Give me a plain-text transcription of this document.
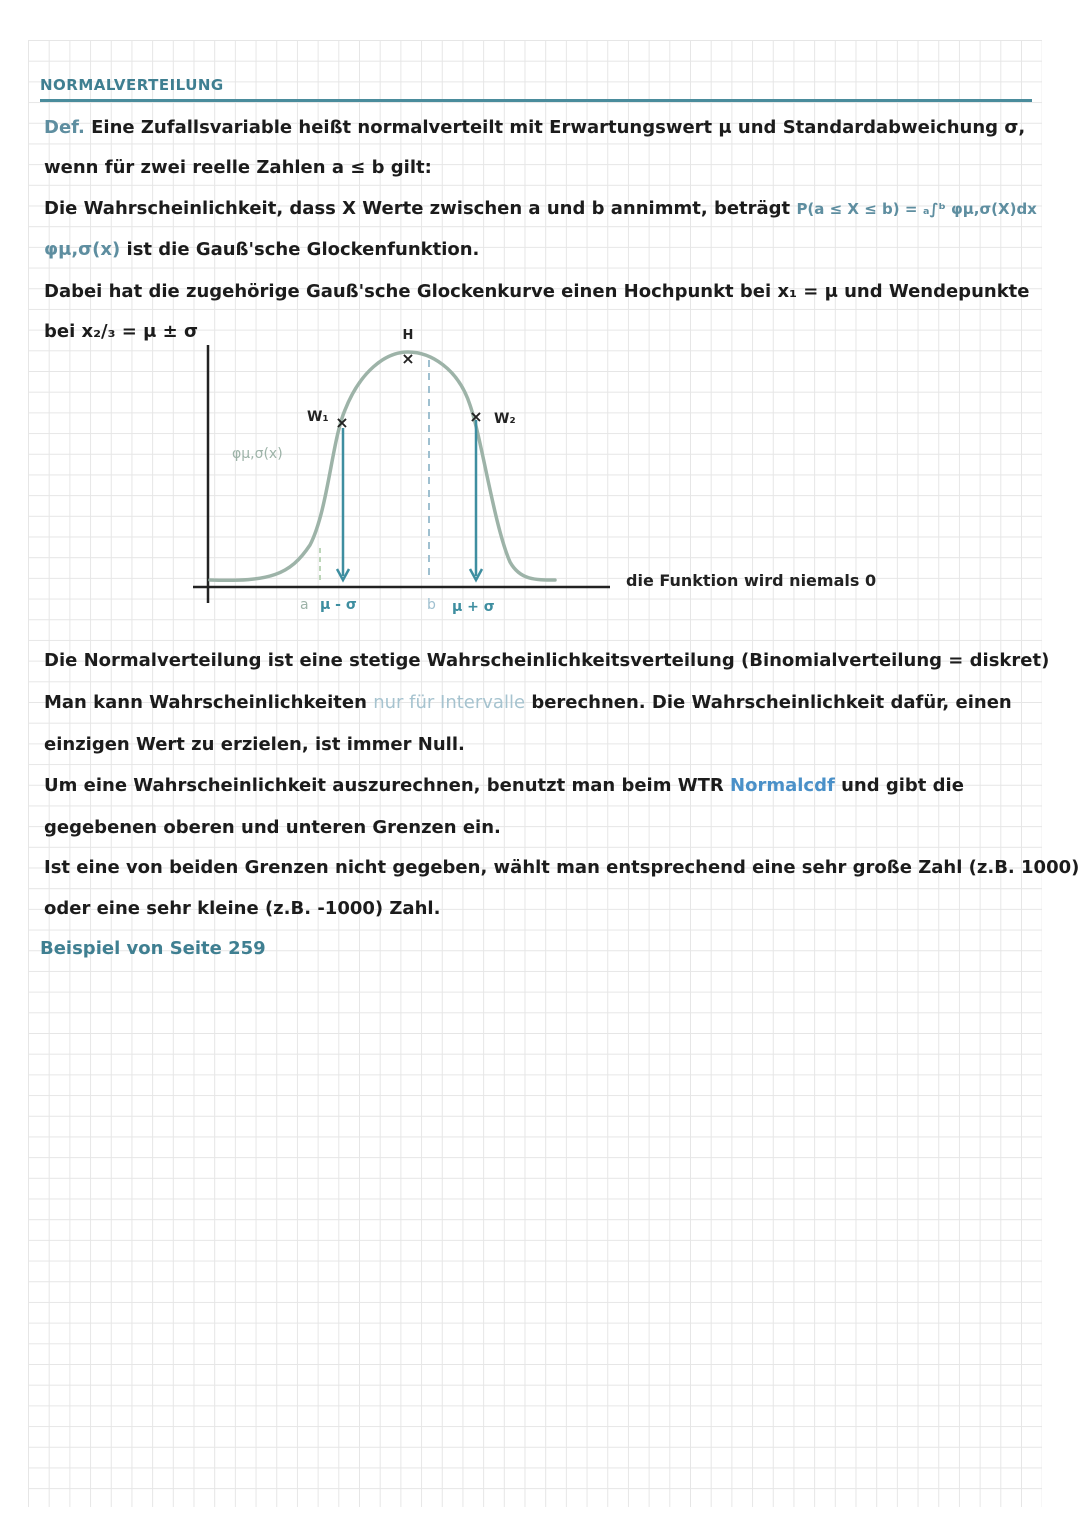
NORMALVERTEILUNG
Def. Eine Zufallsvariable heißt normalverteilt mit Erwartungswert μ und Standardabweichung σ,
wenn für zwei reelle Zahlen a ≤ b gilt:
Die Wahrscheinlichkeit, dass X Werte zwischen a und b annimmt, beträgt P(a ≤ X ≤ b) = ₐ∫ᵇ φμ,σ(X)dx
φμ,σ(x) ist die Gauß'sche Glockenfunktion.
Dabei hat die zugehörige Gauß'sche Glockenkurve einen Hochpunkt bei x₁ = μ und Wendepunkte
bei x₂/₃ = μ ± σ
×
×	×
H
W₁	W₂
φμ,σ(x)
a μ - σ	b μ + σ
die Funktion wird niemals 0
Die Normalverteilung ist eine stetige Wahrscheinlichkeitsverteilung (Binomialverteilung = diskret)
Man kann Wahrscheinlichkeiten nur für Intervalle berechnen. Die Wahrscheinlichkeit dafür, einen
einzigen Wert zu erzielen, ist immer Null.
Um eine Wahrscheinlichkeit auszurechnen, benutzt man beim WTR Normalcdf und gibt die
gegebenen oberen und unteren Grenzen ein.
Ist eine von beiden Grenzen nicht gegeben, wählt man entsprechend eine sehr große Zahl (z.B. 1000)
oder eine sehr kleine (z.B. -1000) Zahl.
Beispiel von Seite 259
